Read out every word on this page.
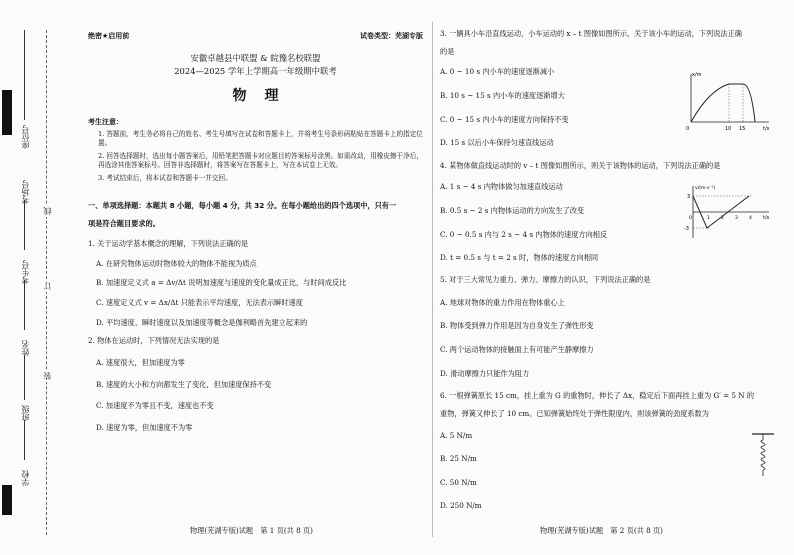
座位号
考场号
考生号
姓名
班级
学校
线
订
装
绝密★启用前	试卷类型：芜湖专版
安徽卓越县中联盟 & 皖豫名校联盟
2024—2025 学年上学期高一年级期中联考
物理
考生注意：
1. 答题前，考生务必将自己的姓名、考生号填写在试卷和答题卡上，并将考生号条形码粘贴在答题卡上的指定位置。
2. 回答选择题时，选出每小题答案后，用铅笔把答题卡对应题目的答案标号涂黑。如需改动，用橡皮擦干净后，再选涂其他答案标号。回答非选择题时，将答案写在答题卡上，写在本试卷上无效。
3. 考试结束后，将本试卷和答题卡一并交回。
一、单项选择题：本题共 8 小题，每小题 4 分，共 32 分。在每小题给出的四个选项中，只有一
项是符合题目要求的。
1. 关于运动学基本概念的理解，下列说法正确的是
A. 在研究物体运动时物体较大的物体不能视为质点
B. 加速度定义式 a = Δv/Δt 说明加速度与速度的变化量成正比，与时间成反比
C. 速度定义式 v = Δx/Δt 只能表示平均速度，无法表示瞬时速度
D. 平均速度、瞬时速度以及加速度等概念是伽利略首先建立起来的
2. 物体在运动时，下列情况无法实现的是
A. 速度很大，但加速度为零
B. 速度的大小和方向都发生了变化，但加速度保持不变
C. 加速度不为零且不变，速度也不变
D. 速度为零，但加速度不为零
3. 一辆具小车沿直线运动，小车运动的 x – t 图像如图所示，关于该小车的运动，下列说法正确
的是
A. 0 ~ 10 s 内小车的速度逐渐减小
B. 10 s ~ 15 s 内小车的速度逐渐增大
C. 0 ~ 15 s 内小车的速度方向保持不变
D. 15 s 以后小车保持匀速直线运动
4. 某物体做直线运动时的 v – t 图像如图所示，则关于该物体的运动，下列说法正确的是
A. 1 s ~ 4 s 内物体做匀加速直线运动
B. 0.5 s ~ 2 s 内物体运动的方向发生了改变
C. 0 ~ 0.5 s 内与 2 s ~ 4 s 内物体的速度方向相反
D. t = 0.5 s 与 t = 2 s 时，物体的速度方向相同
5. 对于三大常见力重力、弹力、摩擦力的认识，下列说法正确的是
A. 地球对物体的重力作用在物体重心上
B. 物体受到弹力作用是因为自身发生了弹性形变
C. 两个运动物体的接触面上有可能产生静摩擦力
D. 滑动摩擦力只能作为阻力
6. 一根弹簧原长 15 cm，挂上重为 G 的重物时，伸长了 Δx，稳定后下面再挂上重为 G′ = 5 N 的
重物，弹簧又伸长了 10 cm。已知弹簧始终处于弹性限度内，则该弹簧的劲度系数为
A. 5 N/m
B. 25 N/m
C. 50 N/m
D. 250 N/m
x/m
t/s
0	10 15
v/(m·s⁻¹)
t/s
3
-3
0	1 2 3 4
物理(芜湖专版)试题　第 1 页(共 8 页)	物理(芜湖专版)试题　第 2 页(共 8 页)
